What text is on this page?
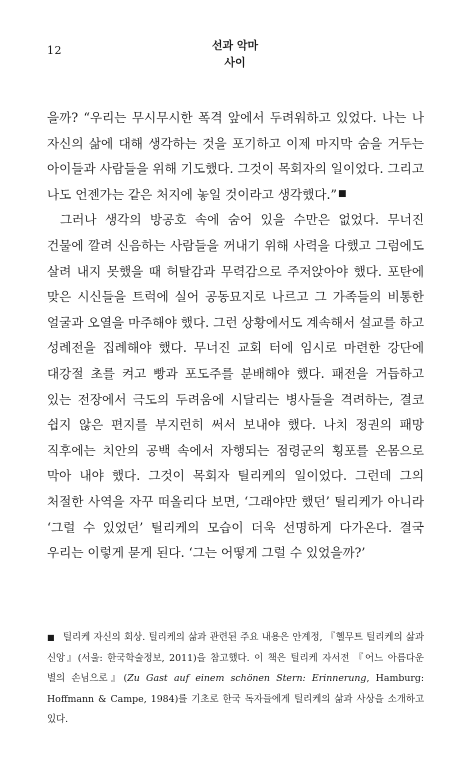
12	선과 악마
사이

을까? “우리는 무시무시한 폭격 앞에서 두려워하고 있었다. 나는 나 자신의 삶에 대해 생각하는 것을 포기하고 이제 마지막 숨을 거두는 아이들과 사람들을 위해 기도했다. 그것이 목회자의 일이었다. 그리고 나도 언젠가는 같은 처지에 놓일 것이라고 생각했다.”■

그러나 생각의 방공호 속에 숨어 있을 수만은 없었다. 무너진 건물에 깔려 신음하는 사람들을 꺼내기 위해 사력을 다했고 그럼에도 살려 내지 못했을 때 허탈감과 무력감으로 주저앉아야 했다. 포탄에 맞은 시신들을 트럭에 실어 공동묘지로 나르고 그 가족들의 비통한 얼굴과 오열을 마주해야 했다. 그런 상황에서도 계속해서 설교를 하고 성례전을 집례해야 했다. 무너진 교회 터에 임시로 마련한 강단에 대강절 초를 켜고 빵과 포도주를 분배해야 했다. 패전을 거듭하고 있는 전장에서 극도의 두려움에 시달리는 병사들을 격려하는, 결코 쉽지 않은 편지를 부지런히 써서 보내야 했다. 나치 정권의 패망 직후에는 치안의 공백 속에서 자행되는 점령군의 횡포를 온몸으로 막아 내야 했다. 그것이 목회자 틸리케의 일이었다. 그런데 그의 처절한 사역을 자꾸 떠올리다 보면, ‘그래야만 했던’ 틸리케가 아니라 ‘그럴 수 있었던’ 틸리케의 모습이 더욱 선명하게 다가온다. 결국 우리는 이렇게 묻게 된다. ‘그는 어떻게 그럴 수 있었을까?’

■ 틸리케 자신의 회상. 틸리케의 삶과 관련된 주요 내용은 안계정, 『헬무트 틸리케의 삶과 신앙』(서울: 한국학술정보, 2011)을 참고했다. 이 책은 틸리케 자서전 『어느 아름다운 별의 손님으로』(Zu Gast auf einem schönen Stern: Erinnerung, Hamburg: Hoffmann & Campe, 1984)를 기초로 한국 독자들에게 틸리케의 삶과 사상을 소개하고 있다.
